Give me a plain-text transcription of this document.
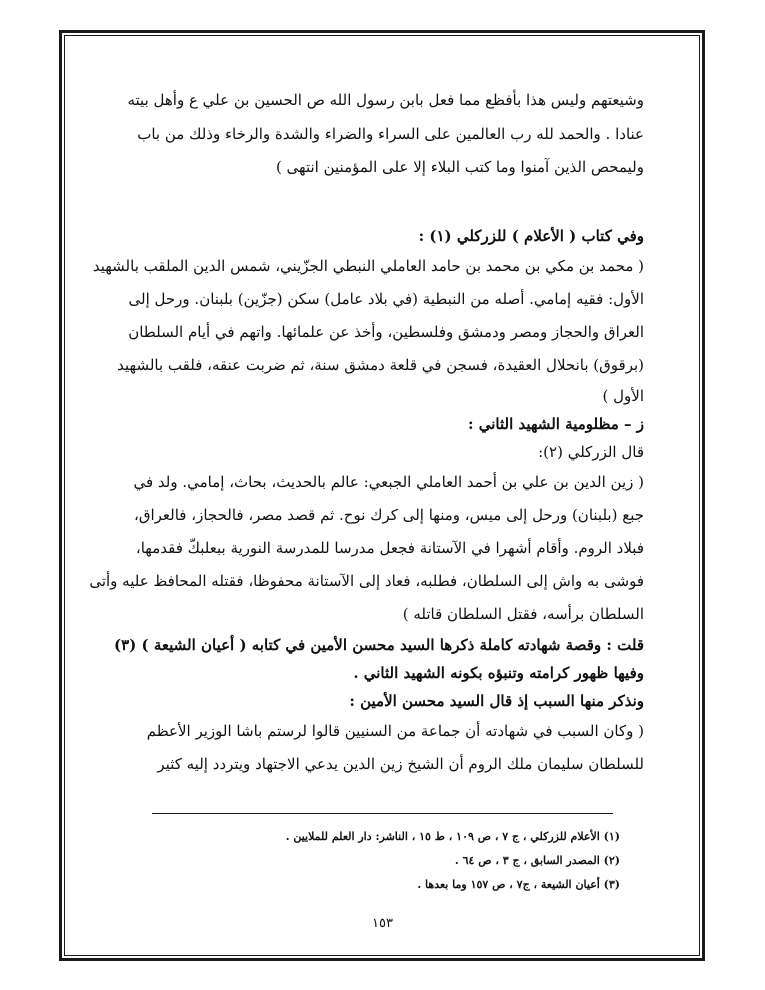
وشيعتهم وليس هذا بأفظع مما فعل بابن رسول الله ص الحسين بن علي ع وأهل بيته
عنادا . والحمد لله رب العالمين على السراء والضراء والشدة والرخاء وذلك من باب
وليمحص الذين آمنوا وما كتب البلاء إلا على المؤمنين انتهى )
وفي كتاب ( الأعلام ) للزركلي (١) :
( محمد بن مكي بن محمد بن حامد العاملي النبطي الجزّيني، شمس الدين الملقب بالشهيد
الأول: فقيه إمامي. أصله من النبطية (في بلاد عامل) سكن (جزّين) بلبنان. ورحل إلى
العراق والحجاز ومصر ودمشق وفلسطين، وأخذ عن علمائها. واتهم في أيام السلطان
(برقوق) بانحلال العقيدة، فسجن في قلعة دمشق سنة، ثم ضربت عنقه، فلقب بالشهيد
الأول )
ز – مظلومية الشهيد الثاني :
قال الزركلي (٢):
( زين الدين بن علي بن أحمد العاملي الجبعي: عالم بالحديث، بحاث، إمامي. ولد في
جبع (بلبنان) ورحل إلى ميس، ومنها إلى كرك نوح. ثم قصد مصر، فالحجاز، فالعراق،
فبلاد الروم. وأقام أشهرا في الآستانة فجعل مدرسا للمدرسة النورية ببعلبكّ فقدمها،
فوشى به واش إلى السلطان، فطلبه، فعاد إلى الآستانة محفوظا، فقتله المحافظ عليه وأتى
السلطان برأسه، فقتل السلطان قاتله )
قلت : وقصة شهادته كاملة ذكرها السيد محسن الأمين في كتابه ( أعيان الشيعة ) (٣)
وفيها ظهور كرامته وتنبؤه بكونه الشهيد الثاني .
ونذكر منها السبب إذ قال السيد محسن الأمين :
( وكان السبب في شهادته أن جماعة من السنيين قالوا لرستم باشا الوزير الأعظم
للسلطان سليمان ملك الروم أن الشيخ زين الدين يدعي الاجتهاد ويتردد إليه كثير
(١) الأعلام للزركلي ، ج ٧ ، ص ١٠٩ ، ط ١٥ ، الناشر: دار العلم للملايين .
(٢) المصدر السابق ، ج ٣ ، ص ٦٤ .
(٣) أعيان الشيعة ، ج٧ ، ص ١٥٧ وما بعدها .
١٥٣
